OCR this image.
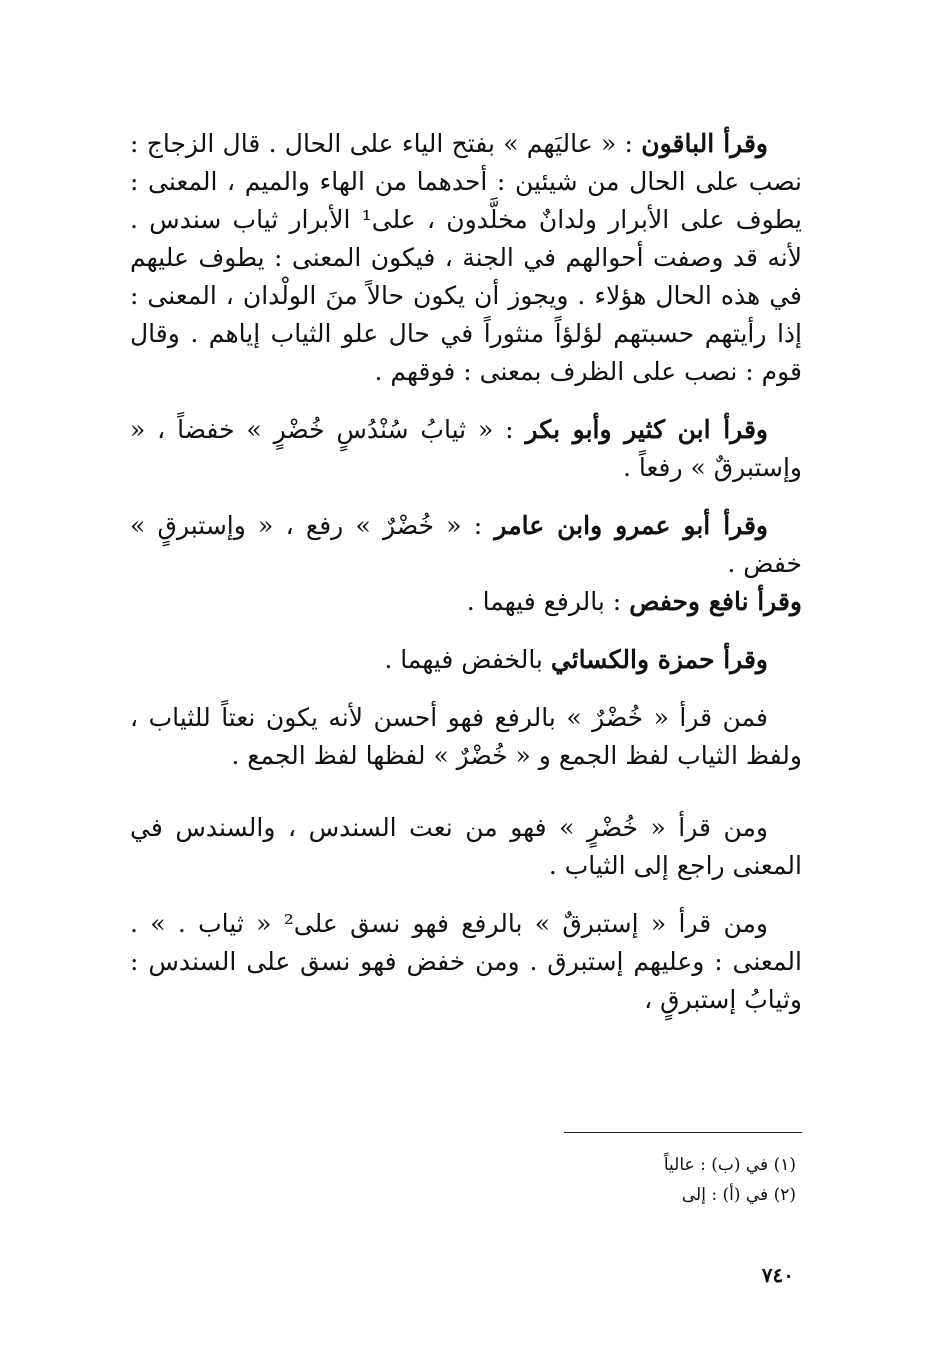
وقرأ الباقون : « عاليَهم » بفتح الياء على الحال . قال الزجاج : نصب على الحال من شيئين : أحدهما من الهاء والميم ، المعنى : يطوف على الأبرار ولدانٌ مخلَّدون ، على¹ الأبرار ثياب سندس . لأنه قد وصفت أحوالهم في الجنة ، فيكون المعنى : يطوف عليهم في هذه الحال هؤلاء . ويجوز أن يكون حالاً منَ الولْدان ، المعنى : إذا رأيتهم حسبتهم لؤلؤاً منثوراً في حال علو الثياب إياهم . وقال قوم : نصب على الظرف بمعنى : فوقهم .

وقرأ ابن كثير وأبو بكر : « ثيابُ سُنْدُسٍ خُضْرٍ » خفضاً ، « وإستبرقٌ » رفعاً .

وقرأ أبو عمرو وابن عامر : « خُضْرٌ » رفع ، « وإستبرقٍ » خفض .

وقرأ نافع وحفص : بالرفع فيهما .

وقرأ حمزة والكسائي بالخفض فيهما .

فمن قرأ « خُضْرٌ » بالرفع فهو أحسن لأنه يكون نعتاً للثياب ، ولفظ الثياب لفظ الجمع و « خُضْرٌ » لفظها لفظ الجمع .

ومن قرأ « خُضْرٍ » فهو من نعت السندس ، والسندس في المعنى راجع إلى الثياب .

ومن قرأ « إستبرقٌ » بالرفع فهو نسق على² « ثياب . » . المعنى : وعليهم إستبرق . ومن خفض فهو نسق على السندس : وثيابُ إستبرقٍ ،

(١) في (ب) : عالياً

(٢) في (أ) : إلى

٧٤٠
